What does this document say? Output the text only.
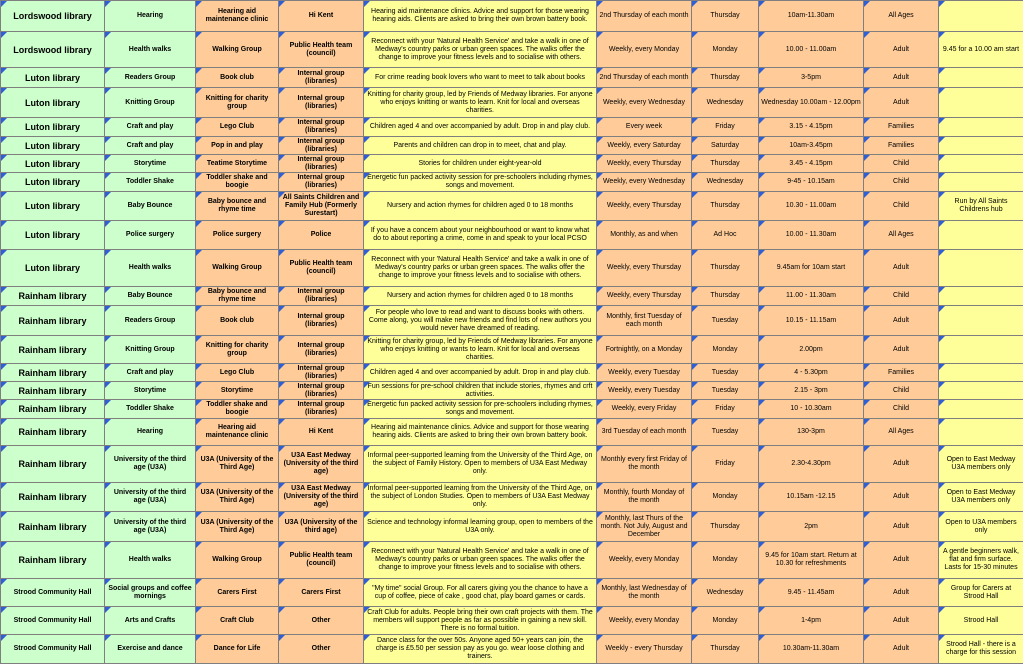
Lordswood library	Hearing	Hearing aid maintenance clinic	Hi Kent	Hearing aid maintenance clinics. Advice and support for those wearing hearing aids. Clients are asked to bring their own brown battery book.	2nd Thursday of each month	Thursday	10am-11.30am	All Ages	
Lordswood library	Health walks	Walking Group	Public Health team (council)	Reconnect with your 'Natural Health Service' and take a walk in one of Medway's country parks or urban green spaces. The walks offer the change to improve your fitness levels and to socialise with others.	Weekly, every Monday	Monday	10.00 - 11.00am	Adult	9.45 for a 10.00 am start
Luton library	Readers Group	Book club	Internal group (libraries)	For crime reading book lovers who want to meet to talk about books	2nd Thursday of each month	Thursday	3-5pm	Adult	
Luton library	Knitting Group	Knitting for charity group	Internal group (libraries)	Knitting for charity group, led by Friends of Medway libraries. For anyone who enjoys knitting or wants to learn. Knit for local and overseas charities.	Weekly, every Wednesday	Wednesday	Wednesday 10.00am - 12.00pm	Adult	
Luton library	Craft and play	Lego Club	Internal group (libraries)	Children aged 4 and over accompanied by adult. Drop in and play club.	Every week	Friday	3.15 - 4.15pm	Families	
Luton library	Craft and play	Pop in and play	Internal group (libraries)	Parents and children can drop in to meet, chat and play.	Weekly, every Saturday	Saturday	10am-3.45pm	Families	
Luton library	Storytime	Teatime Storytime	Internal group (libraries)	Stories for children under eight-year-old	Weekly, every Thursday	Thursday	3.45 - 4.15pm	Child	
Luton library	Toddler Shake	Toddler shake and boogie	Internal group (libraries)	Energetic fun packed activity session for pre-schoolers including rhymes, songs and movement.	Weekly, every Wednesday	Wednesday	9-45 - 10.15am	Child	
Luton library	Baby Bounce	Baby bounce and rhyme time	All Saints Children and Family Hub (Formerly Surestart)	Nursery and action rhymes for children aged 0 to 18 months	Weekly, every Thursday	Thursday	10.30 - 11.00am	Child	Run by All Saints Childrens hub
Luton library	Police surgery	Police surgery	Police	If you have a concern about your neighbourhood or want to know what do to about reporting a crime, come in and speak to your local PCSO	Monthly, as and when	Ad Hoc	10.00 - 11.30am	All Ages	
Luton library	Health walks	Walking Group	Public Health team (council)	Reconnect with your 'Natural Health Service' and take a walk in one of Medway's country parks or urban green spaces. The walks offer the change to improve your fitness levels and to socialise with others.	Weekly, every Thursday	Thursday	9.45am for 10am start	Adult	
Rainham library	Baby Bounce	Baby bounce and rhyme time	Internal group (libraries)	Nursery and action rhymes for children aged 0 to 18 months	Weekly, every Thursday	Thursday	11.00 - 11.30am	Child	
Rainham library	Readers Group	Book club	Internal group (libraries)	For people who love to read and want to discuss books with others. Come along, you will make new friends and find lots of new authors you would never have dreamed of reading.	Monthly, first Tuesday of each month	Tuesday	10.15 - 11.15am	Adult	
Rainham library	Knitting Group	Knitting for charity group	Internal group (libraries)	Knitting for charity group, led by Friends of Medway libraries. For anyone who enjoys knitting or wants to learn. Knit for local and overseas charities.	Fortnightly, on a Monday	Monday	2.00pm	Adult	
Rainham library	Craft and play	Lego Club	Internal group (libraries)	Children aged 4 and over accompanied by adult. Drop in and play club.	Weekly, every Tuesday	Tuesday	4 - 5.30pm	Families	
Rainham library	Storytime	Storytime	Internal group (libraries)	Fun sessions for pre-school children that include stories, rhymes and crft activities.	Weekly, every Tuesday	Tuesday	2.15 - 3pm	Child	
Rainham library	Toddler Shake	Toddler shake and boogie	Internal group (libraries)	Energetic fun packed activity session for pre-schoolers including rhymes, songs and movement.	Weekly, every Friday	Friday	10 - 10.30am	Child	
Rainham library	Hearing	Hearing aid maintenance clinic	Hi Kent	Hearing aid maintenance clinics. Advice and support for those wearing hearing aids. Clients are asked to bring their own brown battery book.	3rd Tuesday of each month	Tuesday	130-3pm	All Ages	
Rainham library	University of the third age (U3A)	U3A (University of the Third Age)	U3A East Medway (University of the third age)	Informal peer-supported learning from the University of the Third Age, on the subject of Family History. Open to members of U3A East Medway only.	Monthly every first Friday of the month	Friday	2.30-4.30pm	Adult	Open to East Medway U3A members only
Rainham library	University of the third age (U3A)	U3A (University of the Third Age)	U3A East Medway (University of the third age)	Informal peer-supported learning from the University of the Third Age, on the subject of London Studies. Open to members of U3A East Medway only.	Monthly, fourth Monday of the month	Monday	10.15am -12.15	Adult	Open to East Medway U3A members only
Rainham library	University of the third age (U3A)	U3A (University of the Third Age)	U3A (University of the third age)	Science and technology informal learning group, open to members of the U3A only.	Monthly, last Thurs of the month. Not July, August and December	Thursday	2pm	Adult	Open to U3A members only
Rainham library	Health walks	Walking Group	Public Health team (council)	Reconnect with your 'Natural Health Service' and take a walk in one of Medway's country parks or urban green spaces. The walks offer the change to improve your fitness levels and to socialise with others.	Weekly, every Monday	Monday	9.45 for 10am start. Return at 10.30 for refreshments	Adult	A gentle beginners walk, flat and firm surface. Lasts for 15-30 minutes
Strood Community Hall	Social groups and coffee mornings	Carers First	Carers First	"My time" social Group. For all carers giving you the chance to have a cup of coffee, piece of cake , good chat, play board games or cards.	Monthly, last Wednesday of the month	Wednesday	9.45 - 11.45am	Adult	Group for Carers at Strood Hall
Strood Community Hall	Arts and Crafts	Craft Club	Other	Craft Club for adults. People bring their own craft projects with them. The members will support people as far as possible in gaining a new skill. There is no formal tuition.	Weekly, every Monday	Monday	1-4pm	Adult	Strood Hall
Strood Community Hall	Exercise and dance	Dance for Life	Other	Dance class for the over 50s. Anyone aged 50+ years can join, the charge is £5.50 per session pay as you go. wear loose clothing and trainers.	Weekly - every Thursday	Thursday	10.30am-11.30am	Adult	Strood Hall - there is a charge for this session
